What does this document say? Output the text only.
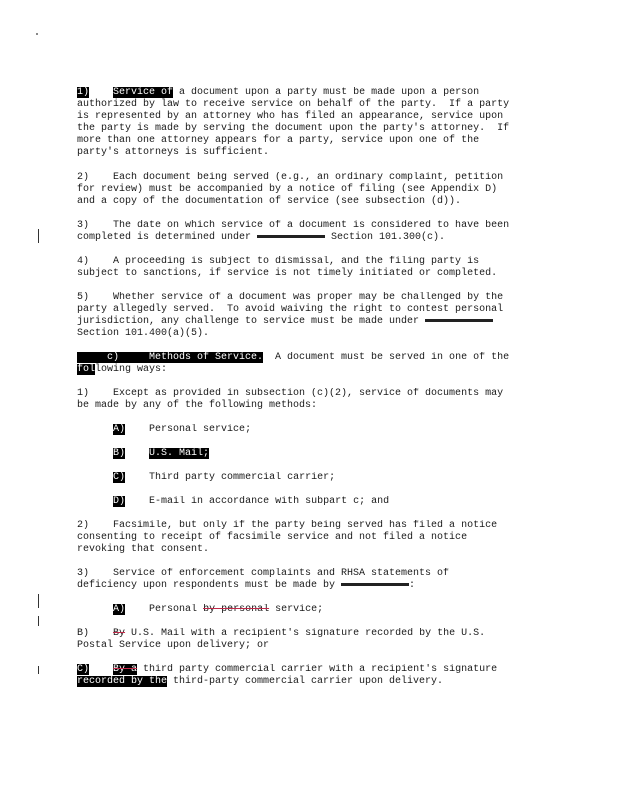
1) Service of a document upon a party must be made upon a person
authorized by law to receive service on behalf of the party.  If a party
is represented by an attorney who has filed an appearance, service upon
the party is made by serving the document upon the party's attorney.  If
more than one attorney appears for a party, service upon one of the
party's attorneys is sufficient.
2)    Each document being served (e.g., an ordinary complaint, petition
for review) must be accompanied by a notice of filing (see Appendix D)
and a copy of the documentation of service (see subsection (d)).
3)    The date on which service of a document is considered to have been
completed is determined under	Section 101.300(c).
4)    A proceeding is subject to dismissal, and the filing party is
subject to sanctions, if service is not timely initiated or completed.
5)    Whether service of a document was proper may be challenged by the
party allegedly served.  To avoid waiving the right to contest personal
jurisdiction, any challenge to service must be made under
Section 101.400(a)(5).
c)     Methods of Service.  A document must be served in one of the
following ways:
1)    Except as provided in subsection (c)(2), service of documents may
be made by any of the following methods:
A) Personal service;
B) U.S. Mail;
C) Third party commercial carrier;
D) E-mail in accordance with subpart c; and
2)    Facsimile, but only if the party being served has filed a notice
consenting to receipt of facsimile service and not filed a notice
revoking that consent.
3)    Service of enforcement complaints and RHSA statements of
deficiency upon respondents must be made by	:
A) Personal by personal service;
B) By U.S. Mail with a recipient's signature recorded by the U.S.
Postal Service upon delivery; or
C) By a third party commercial carrier with a recipient's signature
recorded by the third-party commercial carrier upon delivery.
